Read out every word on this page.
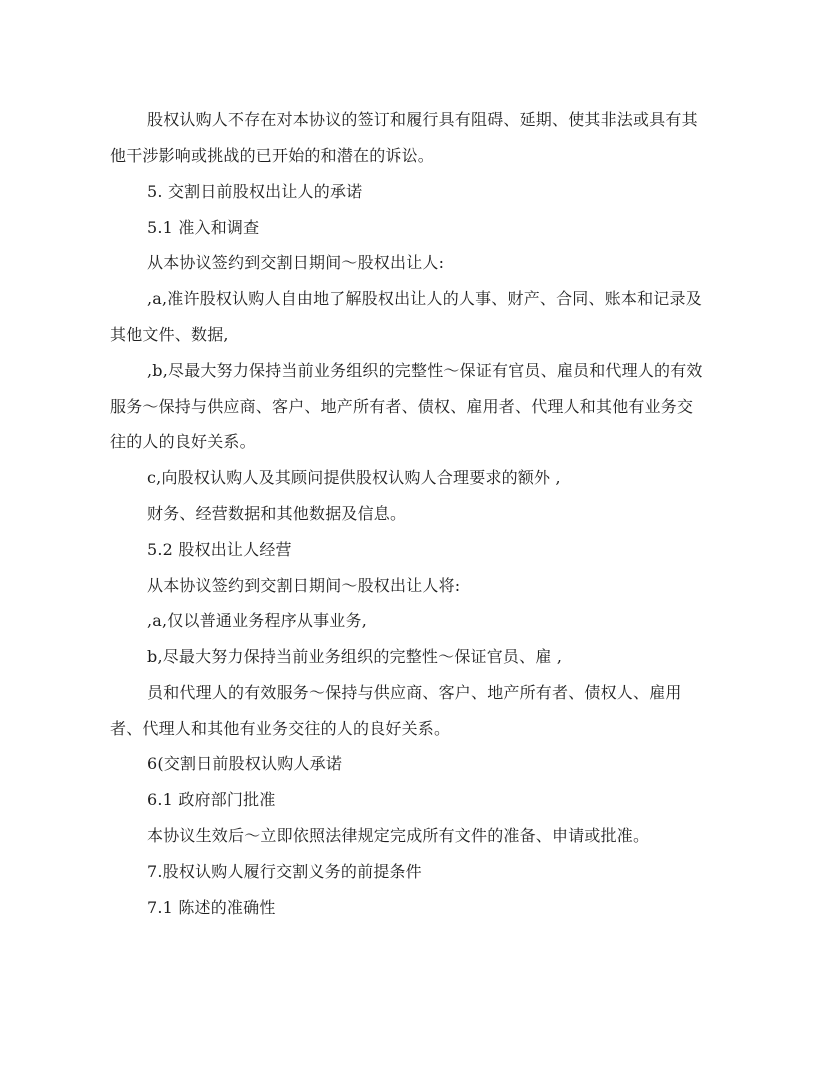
股权认购人不存在对本协议的签订和履行具有阻碍、延期、使其非法或具有其
他干涉影响或挑战的已开始的和潜在的诉讼。
5. 交割日前股权出让人的承诺
5.1 准入和调查
从本协议签约到交割日期间～股权出让人:
,a,准许股权认购人自由地了解股权出让人的人事、财产、合同、账本和记录及
其他文件、数据,
,b,尽最大努力保持当前业务组织的完整性～保证有官员、雇员和代理人的有效
服务～保持与供应商、客户、地产所有者、债权、雇用者、代理人和其他有业务交
往的人的良好关系。
c,向股权认购人及其顾问提供股权认购人合理要求的额外 ,
财务、经营数据和其他数据及信息。
5.2 股权出让人经营
从本协议签约到交割日期间～股权出让人将:
,a,仅以普通业务程序从事业务,
b,尽最大努力保持当前业务组织的完整性～保证官员、雇 ,
员和代理人的有效服务～保持与供应商、客户、地产所有者、债权人、雇用
者、代理人和其他有业务交往的人的良好关系。
6(交割日前股权认购人承诺
6.1 政府部门批准
本协议生效后～立即依照法律规定完成所有文件的准备、申请或批准。
7.股权认购人履行交割义务的前提条件
7.1 陈述的准确性
